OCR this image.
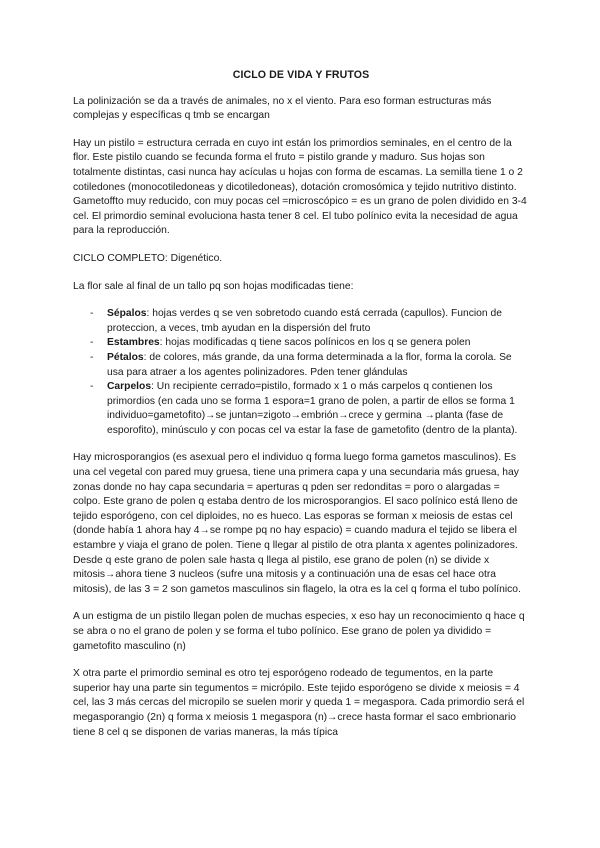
CICLO DE VIDA Y FRUTOS

La polinización se da a través de animales, no x el viento. Para eso forman estructuras más complejas y específicas q tmb se encargan

Hay un pistilo = estructura cerrada en cuyo int están los primordios seminales, en el centro de la flor. Este pistilo cuando se fecunda forma el fruto = pistilo grande y maduro. Sus hojas son totalmente distintas, casi nunca hay acículas u hojas con forma de escamas. La semilla tiene 1 o 2 cotiledones (monocotiledoneas y dicotiledoneas), dotación cromosómica y tejido nutritivo distinto. Gametoffto muy reducido, con muy pocas cel =microscópico = es un grano de polen dividido en 3-4 cel. El primordio seminal evoluciona hasta tener 8 cel. El tubo polínico evita la necesidad de agua para la reproducción.

CICLO COMPLETO: Digenético.

La flor sale al final de un tallo pq son hojas modificadas tiene:

- Sépalos: hojas verdes q se ven sobretodo cuando está cerrada (capullos). Funcion de proteccion, a veces, tmb ayudan en la dispersión del fruto
- Estambres: hojas modificadas q tiene sacos polínicos en los q se genera polen
- Pétalos: de colores, más grande, da una forma determinada a la flor, forma la corola. Se usa para atraer a los agentes polinizadores. Pden tener glándulas
- Carpelos: Un recipiente cerrado=pistilo, formado x 1 o más carpelos q contienen los primordios (en cada uno se forma 1 espora=1 grano de polen, a partir de ellos se forma 1 individuo=gametofito)→se juntan=zigoto→embrión→crece y germina →planta (fase de esporofito), minúsculo y con pocas cel va estar la fase de gametofito (dentro de la planta).

Hay microsporangios (es asexual pero el individuo q forma luego forma gametos masculinos). Es una cel vegetal con pared muy gruesa, tiene una primera capa y una secundaria más gruesa, hay zonas donde no hay capa secundaria = aperturas q pden ser redonditas = poro o alargadas = colpo. Este grano de polen q estaba dentro de los microsporangios. El saco polínico está lleno de tejido esporógeno, con cel diploides, no es hueco. Las esporas se forman x meiosis de estas cel (donde había 1 ahora hay 4→se rompe pq no hay espacio) = cuando madura el tejido se libera el estambre y viaja el grano de polen. Tiene q llegar al pistilo de otra planta x agentes polinizadores. Desde q este grano de polen sale hasta q llega al pistilo, ese grano de polen (n) se divide x mitosis→ahora tiene 3 nucleos (sufre una mitosis y a continuación una de esas cel hace otra mitosis), de las 3 = 2 son gametos masculinos sin flagelo, la otra es la cel q forma el tubo polínico.

A un estigma de un pistilo llegan polen de muchas especies, x eso hay un reconocimiento q hace q se abra o no el grano de polen y se forma el tubo polínico. Ese grano de polen ya dividido = gametofito masculino (n)

X otra parte el primordio seminal es otro tej esporógeno rodeado de tegumentos, en la parte superior hay una parte sin tegumentos = micrópilo. Este tejido esporógeno se divide x meiosis = 4 cel, las 3 más cercas del micropilo se suelen morir y queda 1 = megaspora. Cada primordio será el megasporangio (2n) q forma x meiosis 1 megaspora (n)→crece hasta formar el saco embrionario tiene 8 cel q se disponen de varias maneras, la más típica
